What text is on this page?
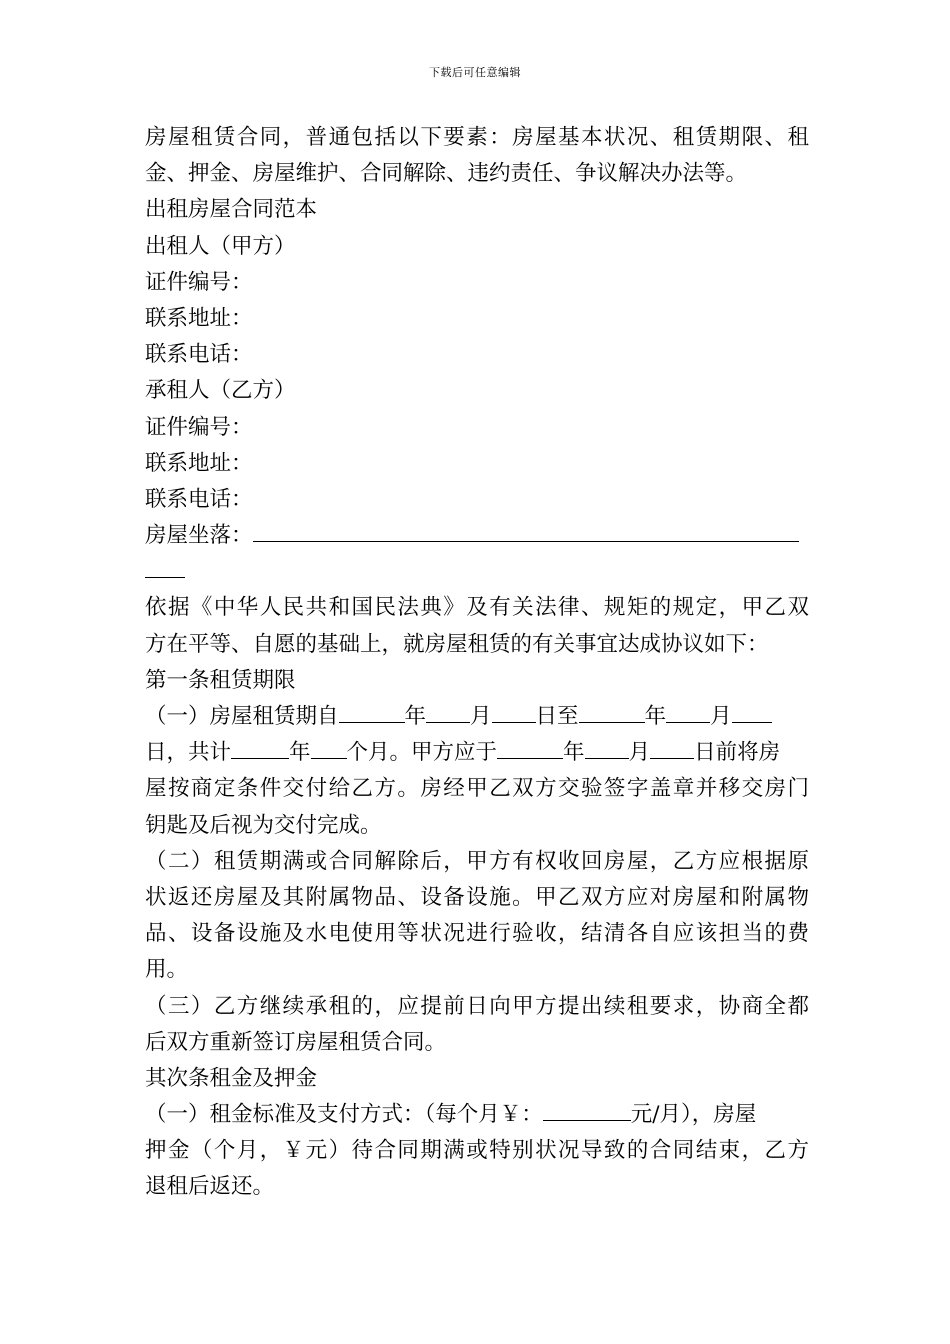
下载后可任意编辑
房屋租赁合同，普通包括以下要素：房屋基本状况、租赁期限、租
金、押金、房屋维护、合同解除、违约责任、争议解决办法等。
出租房屋合同范本
出租人（甲方）
证件编号：
联系地址：
联系电话：
承租人（乙方）
证件编号：
联系地址：
联系电话：
房屋坐落：
依据《中华人民共和国民法典》及有关法律、规矩的规定，甲乙双
方在平等、自愿的基础上，就房屋租赁的有关事宜达成协议如下：
第一条租赁期限
（一）房屋租赁期自	年 月 日至	年 月
日，共计	年 个月。甲方应于	年 月 日前将房
屋按商定条件交付给乙方。房经甲乙双方交验签字盖章并移交房门
钥匙及后视为交付完成。
（二）租赁期满或合同解除后，甲方有权收回房屋，乙方应根据原
状返还房屋及其附属物品、设备设施。甲乙双方应对房屋和附属物
品、设备设施及水电使用等状况进行验收，结清各自应该担当的费
用。
（三）乙方继续承租的，应提前日向甲方提出续租要求，协商全都
后双方重新签订房屋租赁合同。
其次条租金及押金
（一）租金标准及支付方式：（每个月￥：	元/月），房屋
押金（个月，￥元）待合同期满或特别状况导致的合同结束，乙方
退租后返还。
